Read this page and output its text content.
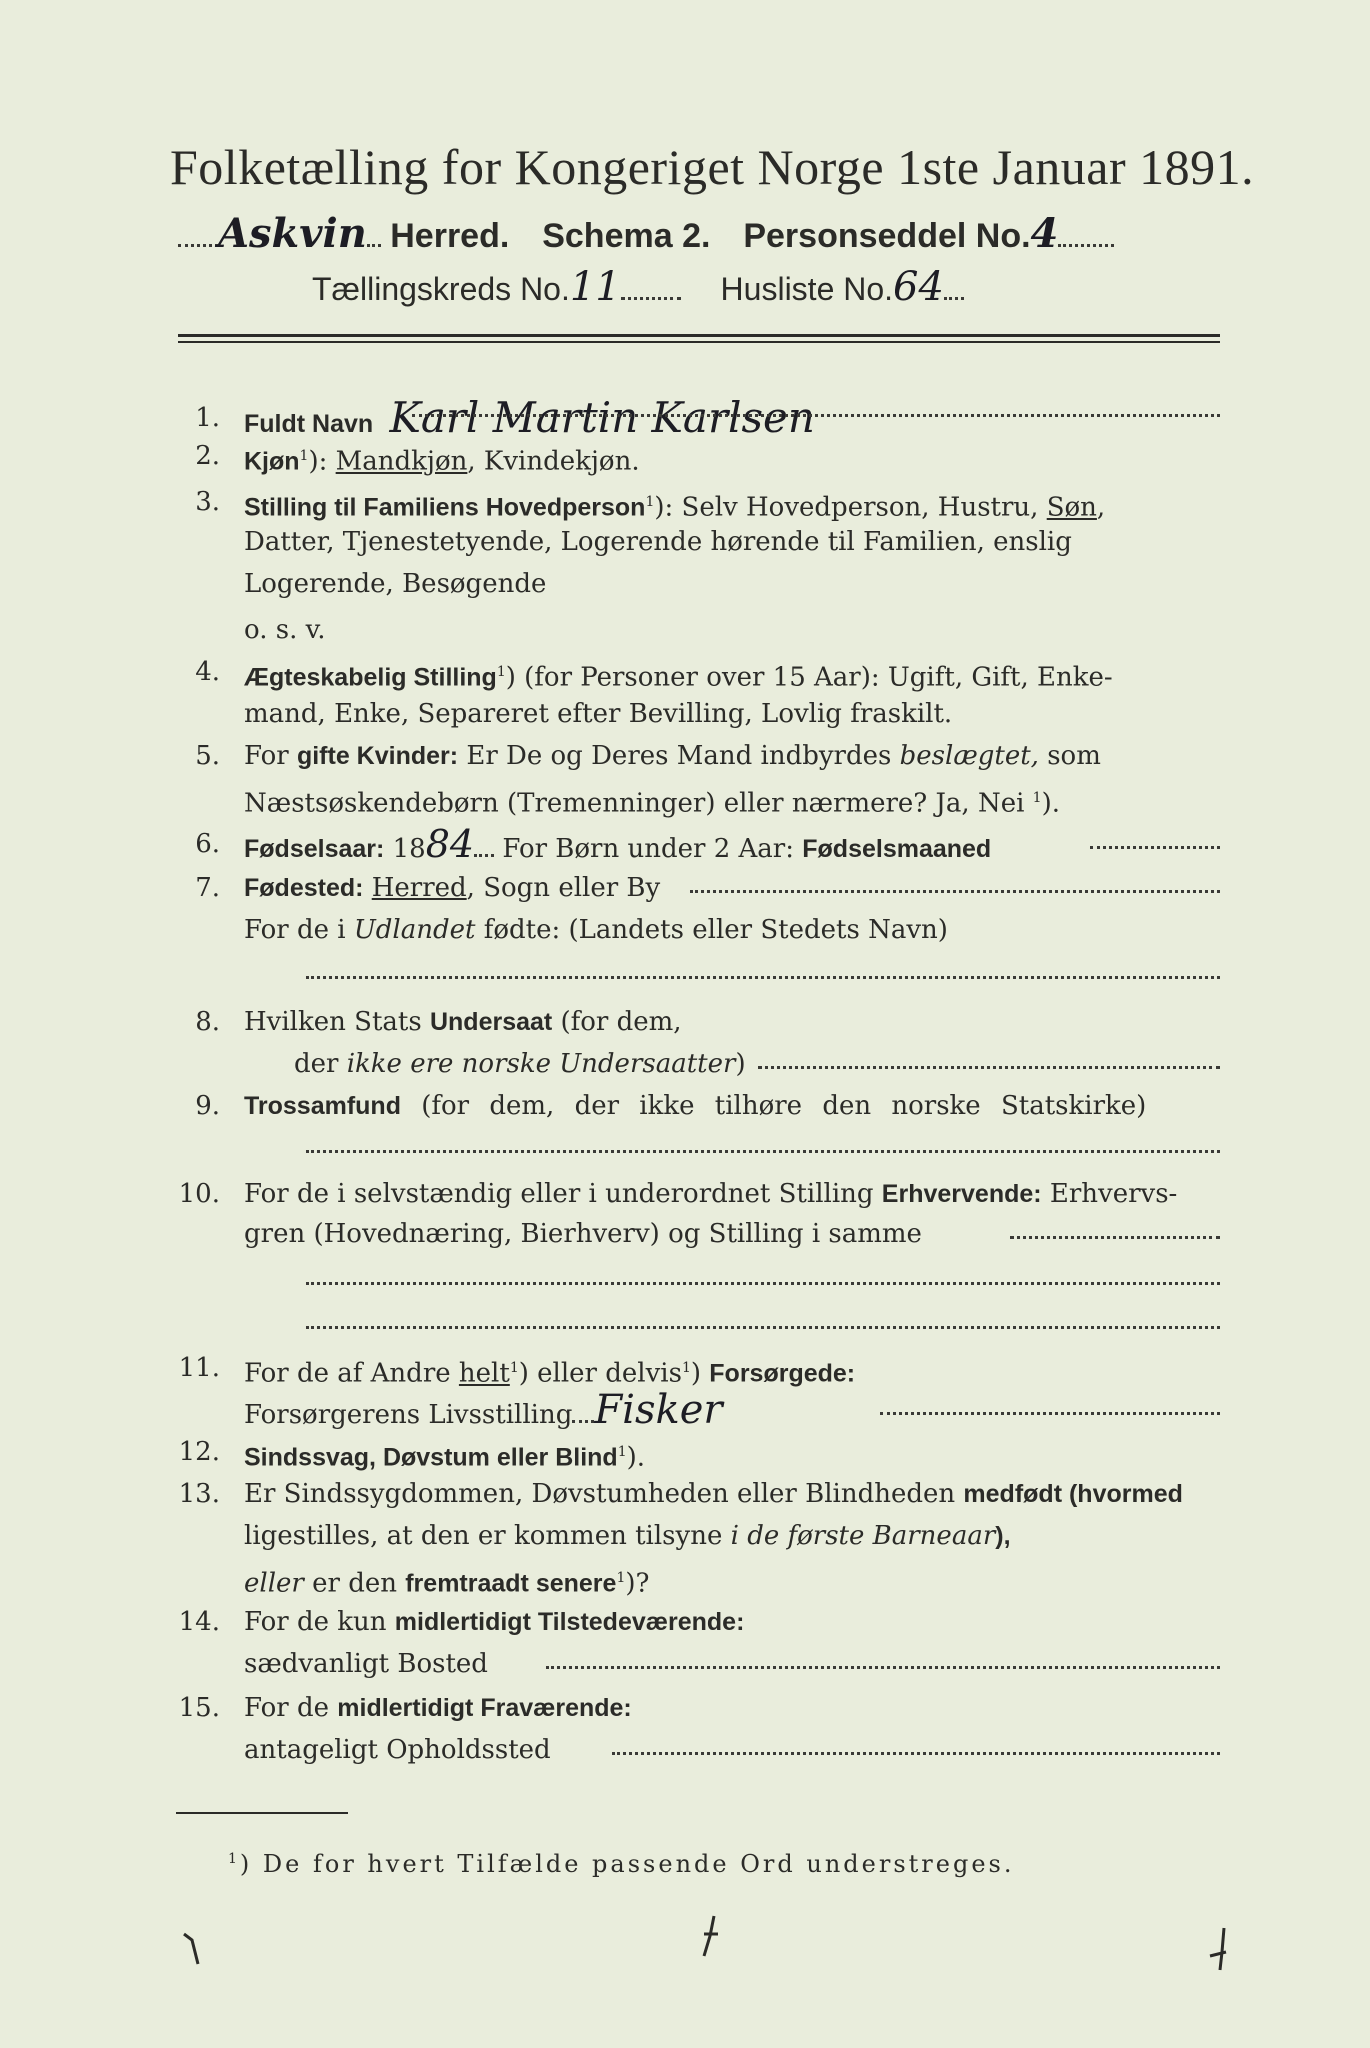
Folketælling for Kongeriget Norge 1ste Januar 1891.
Askvin Herred. Schema 2. Personseddel No.4
Tællingskreds No.11	Husliste No.64
1. Fuldt Navn Karl Martin Karlsen
2. Kjøn$^1$): Mandkjøn, Kvindekjøn.
3. Stilling til Familiens Hovedperson$^1$): Selv Hovedperson, Hustru, Søn,
Datter, Tjenestetyende, Logerende hørende til Familien, enslig
Logerende, Besøgende
o. s. v.
4. Ægteskabelig Stilling$^1$) (for Personer over 15 Aar): Ugift, Gift, Enke-
mand, Enke, Separeret efter Bevilling, Lovlig fraskilt.
5. For gifte Kvinder: Er De og Deres Mand indbyrdes beslægtet, som
Næstsøskendebørn (Tremenninger) eller nærmere? Ja, Nei $^1$).
6. Fødselsaar: 1884 For Børn under 2 Aar: Fødselsmaaned
7. Fødested: Herred, Sogn eller By
For de i Udlandet fødte: (Landets eller Stedets Navn)
8. Hvilken Stats Undersaat (for dem,
der ikke ere norske Undersaatter)
9. Trossamfund (for dem, der ikke tilhøre den norske Statskirke)
10. For de i selvstændig eller i underordnet Stilling Erhvervende: Erhvervs-
gren (Hovednæring, Bierhverv) og Stilling i samme
11. For de af Andre helt$^1$) eller delvis$^1$) Forsørgede:
Forsørgerens Livsstilling Fisker
12. Sindssvag, Døvstum eller Blind$^1$).
13. Er Sindssygdommen, Døvstumheden eller Blindheden medfødt (hvormed
ligestilles, at den er kommen tilsyne i de første Barneaar),
eller er den fremtraadt senere$^1$)?
14. For de kun midlertidigt Tilstedeværende:
sædvanligt Bosted
15. For de midlertidigt Fraværende:
antageligt Opholdssted
$^1$) De for hvert Tilfælde passende Ord understreges.
